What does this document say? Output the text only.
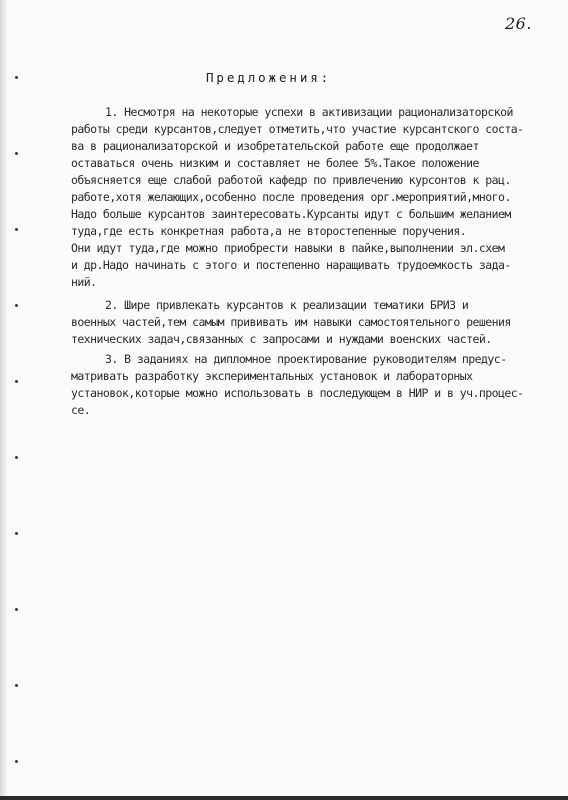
26.
Предложения:
1. Несмотря на некоторые успехи в активизации рационализаторской
работы среди курсантов,следует отметить,что участие курсантского соста-
ва в рационализаторской и изобретательской работе еще продолжает
оставаться очень низким и составляет не более 5%.Такое положение
объясняется еще слабой работой кафедр по привлечению курсонтов к рац.
работе,хотя желающих,особенно после проведения орг.мероприятий,много.
Надо больше курсантов заинтересовать.Курсанты идут с большим желанием
туда,где есть конкретная работа,а не второстепенные поручения.
Они идут туда,где можно приобрести навыки в пайке,выполнении эл.схем
и др.Надо начинать с этого и постепенно наращивать трудоемкость зада-
ний.
2. Шире привлекать курсантов к реализации тематики БРИЗ и
военных частей,тем самым прививать им навыки самостоятельного решения
технических задач,связанных с запросами и нуждами военских частей.
3. В заданиях на дипломное проектирование руководителям предус-
матривать разработку экспериментальных установок и лабораторных
установок,которые можно использовать в последующем в НИР и в уч.процес-
се.
